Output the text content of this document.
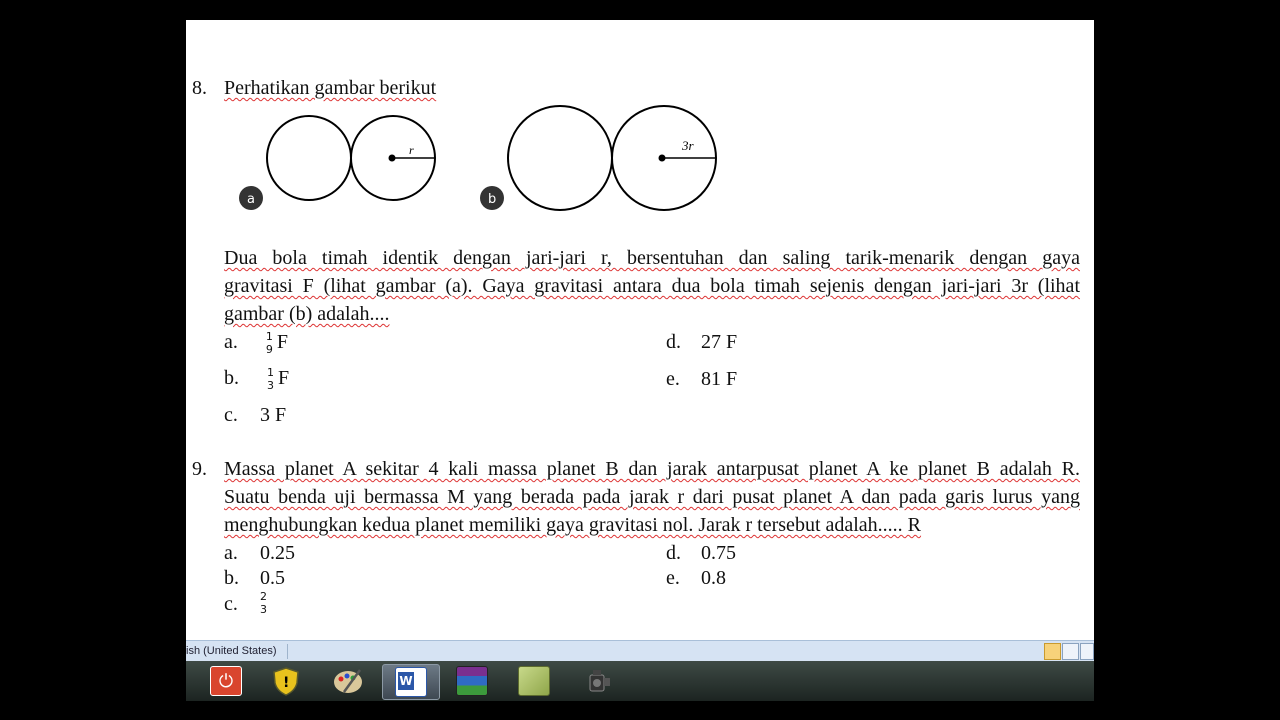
8. Perhatikan gambar berikut
r
a
3r
b
Dua bola timah identik dengan jari-jari r, bersentuhan dan saling tarik-menarik dengan gaya
gravitasi F (lihat gambar (a). Gaya gravitasi antara dua bola timah sejenis dengan jari-jari 3r (lihat
gambar (b) adalah....
a.	1
9 F
b.	1
3 F
c. 3 F
d. 27 F
e. 81 F
9. Massa planet A sekitar 4 kali massa planet B dan jarak antarpusat planet A ke planet B adalah R.
Suatu benda uji bermassa M yang berada pada jarak r dari pusat planet A dan pada garis lurus yang
menghubungkan kedua planet memiliki gaya gravitasi nol. Jarak r tersebut adalah..... R
a. 0.25
b. 0.5
c. 2
3
d. 0.75
e. 0.8
ish (United States)
⏻	!	W
